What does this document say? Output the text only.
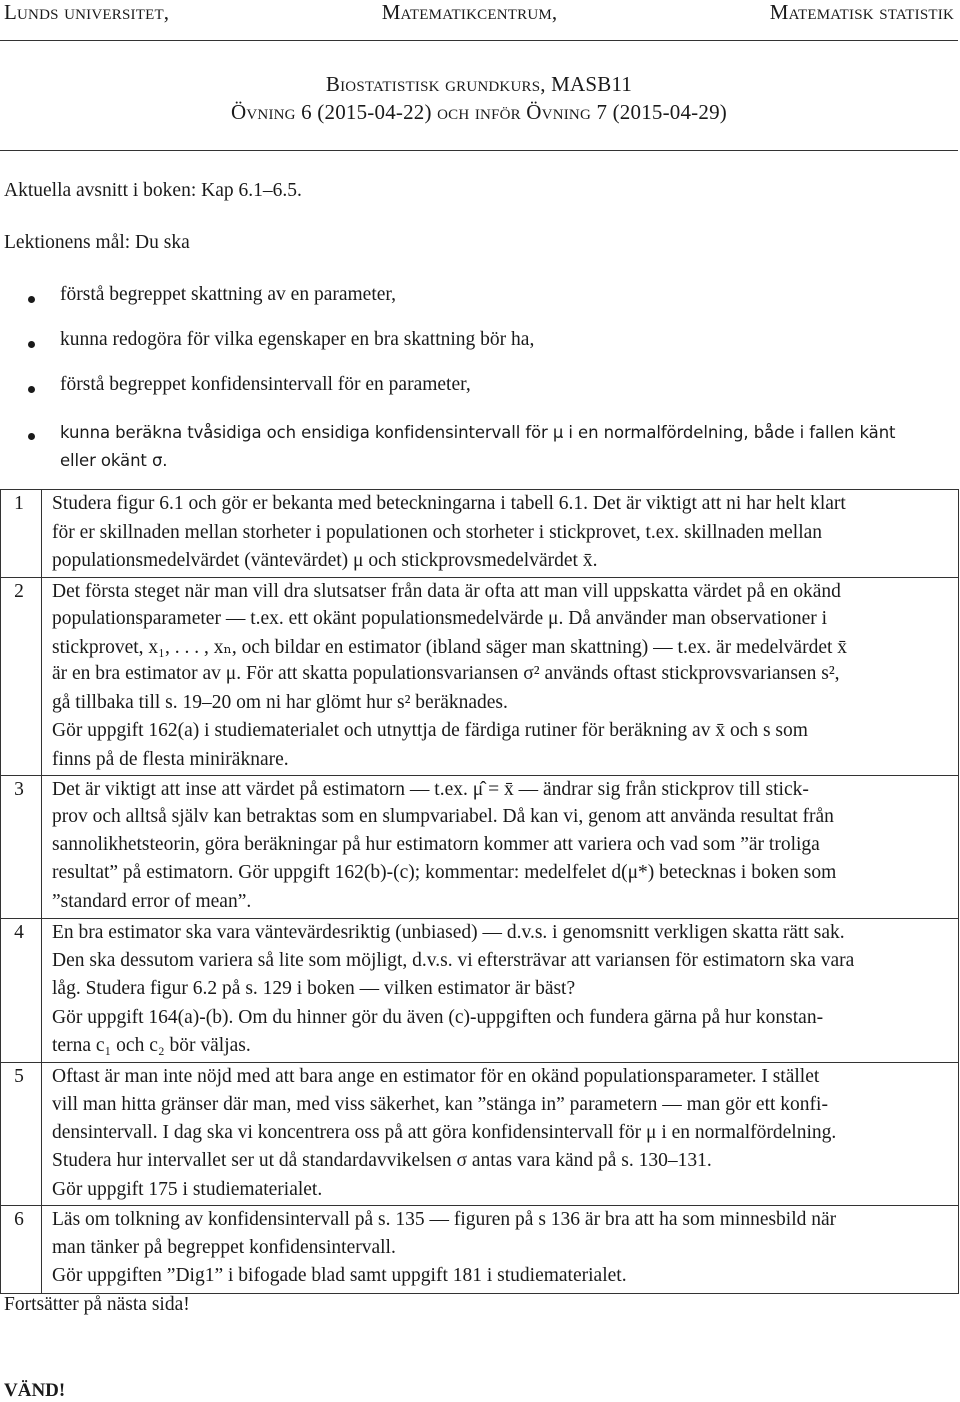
Lunds universitet,	Matematikcentrum,	Matematisk statistik
Biostatistisk grundkurs, MASB11
Övning 6 (2015-04-22) och inför Övning 7 (2015-04-29)
Aktuella avsnitt i boken: Kap 6.1–6.5.
Lektionens mål: Du ska
förstå begreppet skattning av en parameter,
kunna redogöra för vilka egenskaper en bra skattning bör ha,
förstå begreppet konfidensintervall för en parameter,
kunna beräkna tvåsidiga och ensidiga konfidensintervall för μ i en normalfördelning, både i fallen känt
eller okänt σ.
1 Studera figur 6.1 och gör er bekanta med beteckningarna i tabell 6.1. Det är viktigt att ni har helt klart
för er skillnaden mellan storheter i populationen och storheter i stickprovet, t.ex. skillnaden mellan
populationsmedelvärdet (väntevärdet) μ och stickprovsmedelvärdet x̄.
2 Det första steget när man vill dra slutsatser från data är ofta att man vill uppskatta värdet på en okänd
populationsparameter — t.ex. ett okänt populationsmedelvärde μ. Då använder man observationer i
stickprovet, x₁, . . . , xₙ, och bildar en estimator (ibland säger man skattning) — t.ex. är medelvärdet x̄
är en bra estimator av μ. För att skatta populationsvariansen σ² används oftast stickprovsvariansen s²,
gå tillbaka till s. 19–20 om ni har glömt hur s² beräknades.
Gör uppgift 162(a) i studiematerialet och utnyttja de färdiga rutiner för beräkning av x̄ och s som
finns på de flesta miniräknare.
3 Det är viktigt att inse att värdet på estimatorn — t.ex. μ̂ = x̄ — ändrar sig från stickprov till stick-
prov och alltså själv kan betraktas som en slumpvariabel. Då kan vi, genom att använda resultat från
sannolikhetsteorin, göra beräkningar på hur estimatorn kommer att variera och vad som ”är troliga
resultat” på estimatorn. Gör uppgift 162(b)-(c); kommentar: medelfelet d(μ*) betecknas i boken som
”standard error of mean”.
4 En bra estimator ska vara väntevärdesriktig (unbiased) — d.v.s. i genomsnitt verkligen skatta rätt sak.
Den ska dessutom variera så lite som möjligt, d.v.s. vi eftersträvar att variansen för estimatorn ska vara
låg. Studera figur 6.2 på s. 129 i boken — vilken estimator är bäst?
Gör uppgift 164(a)-(b). Om du hinner gör du även (c)-uppgiften och fundera gärna på hur konstan-
terna c₁ och c₂ bör väljas.
5 Oftast är man inte nöjd med att bara ange en estimator för en okänd populationsparameter. I stället
vill man hitta gränser där man, med viss säkerhet, kan ”stänga in” parametern — man gör ett konfi-
densintervall. I dag ska vi koncentrera oss på att göra konfidensintervall för μ i en normalfördelning.
Studera hur intervallet ser ut då standardavvikelsen σ antas vara känd på s. 130–131.
Gör uppgift 175 i studiematerialet.
6 Läs om tolkning av konfidensintervall på s. 135 — figuren på s 136 är bra att ha som minnesbild när
man tänker på begreppet konfidensintervall.
Gör uppgiften ”Dig1” i bifogade blad samt uppgift 181 i studiematerialet.
Fortsätter på nästa sida!
VÄND!
